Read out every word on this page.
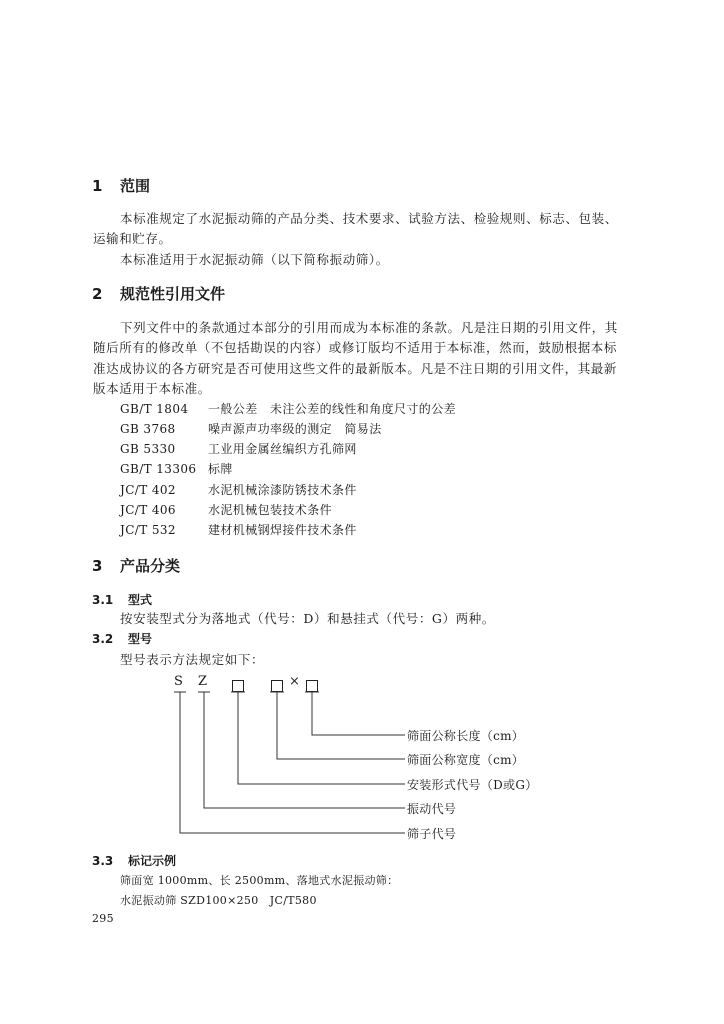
1 范围
本标准规定了水泥振动筛的产品分类、技术要求、试验方法、检验规则、标志、包装、
运输和贮存。
本标准适用于水泥振动筛（以下简称振动筛）。
2 规范性引用文件
下列文件中的条款通过本部分的引用而成为本标准的条款。凡是注日期的引用文件，其
随后所有的修改单（不包括勘误的内容）或修订版均不适用于本标准，然而，鼓励根据本标
准达成协议的各方研究是否可使用这些文件的最新版本。凡是不注日期的引用文件，其最新
版本适用于本标准。
GB/T 1804 一般公差　未注公差的线性和角度尺寸的公差
GB 3768	噪声源声功率级的测定　简易法
GB 5330	工业用金属丝编织方孔筛网
GB/T 13306 标牌
JC/T 402	水泥机械涂漆防锈技术条件
JC/T 406	水泥机械包装技术条件
JC/T 532	建材机械钢焊接件技术条件
3 产品分类
3.1 型式
按安装型式分为落地式（代号：D）和悬挂式（代号：G）两种。
3.2 型号
型号表示方法规定如下：
S Z	×
筛面公称长度（cm）
筛面公称宽度（cm）
安装形式代号（D或G）
振动代号
筛子代号
3.3 标记示例
筛面宽 1000mm、长 2500mm、落地式水泥振动筛：
水泥振动筛 SZD100×250　JC/T580
295
